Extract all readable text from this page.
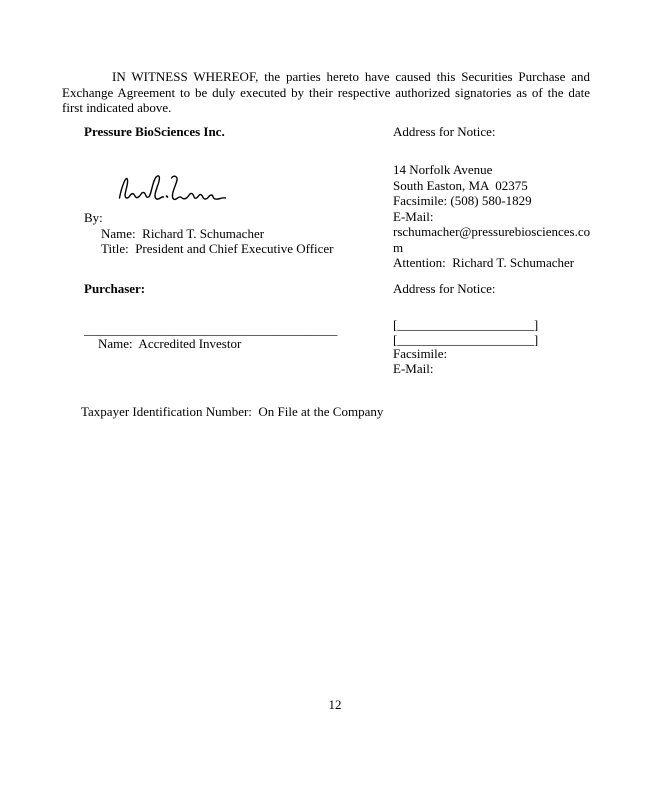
IN WITNESS WHEREOF, the parties hereto have caused this Securities Purchase and
Exchange Agreement to be duly executed by their respective authorized signatories as of the date
first indicated above.
Pressure BioSciences Inc.	Address for Notice:
By:
Name:  Richard T. Schumacher
Title:  President and Chief Executive Officer
14 Norfolk Avenue
South Easton, MA  02375
Facsimile: (508) 580-1829
E-Mail:
rschumacher@pressurebiosciences.co
m
Attention:  Richard T. Schumacher
Purchaser:	Address for Notice:
_______________________________________
Name:  Accredited Investor
[_____________________]
[_____________________]
Facsimile:
E-Mail:
Taxpayer Identification Number:  On File at the Company
12
